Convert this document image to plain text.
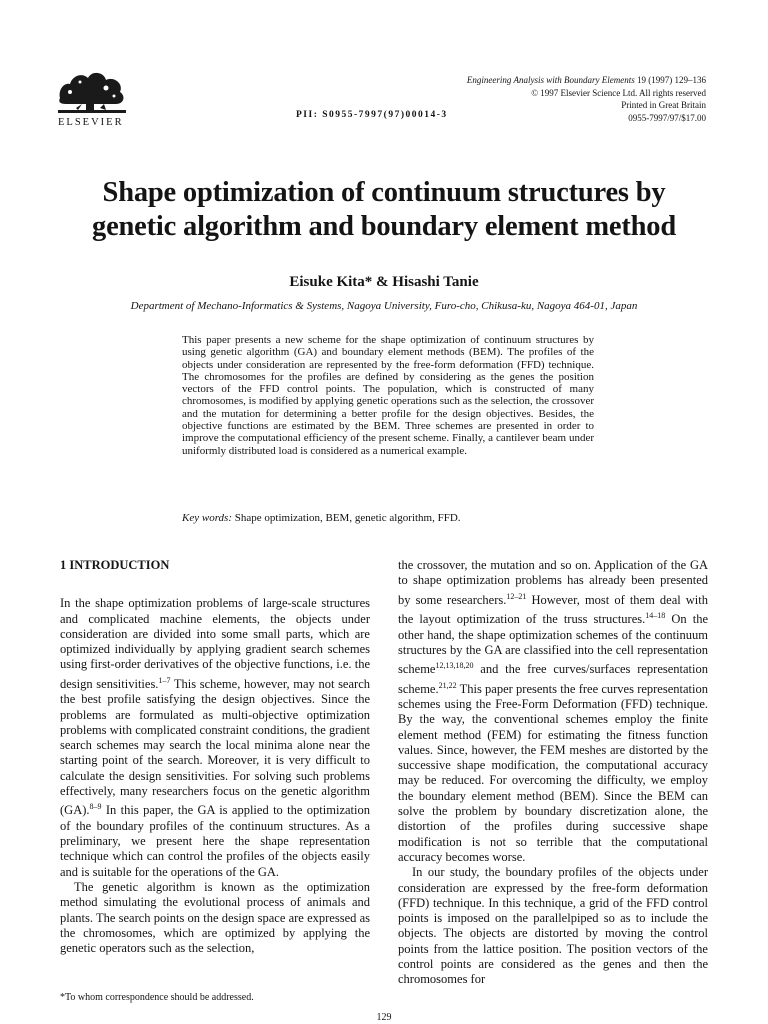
ELSEVIER
PII: S0955-7997(97)00014-3
Engineering Analysis with Boundary Elements 19 (1997) 129–136
© 1997 Elsevier Science Ltd. All rights reserved
Printed in Great Britain
0955-7997/97/$17.00
Shape optimization of continuum structures by
genetic algorithm and boundary element method
Eisuke Kita* & Hisashi Tanie
Department of Mechano-Informatics & Systems, Nagoya University, Furo-cho, Chikusa-ku, Nagoya 464-01, Japan
This paper presents a new scheme for the shape optimization of continuum structures by using genetic algorithm (GA) and boundary element methods (BEM). The profiles of the objects under consideration are represented by the free-form deformation (FFD) technique. The chromosomes for the profiles are defined by considering as the genes the position vectors of the FFD control points. The population, which is constructed of many chromosomes, is modified by applying genetic operations such as the selection, the crossover and the mutation for determining a better profile for the design objectives. Besides, the objective functions are estimated by the BEM. Three schemes are presented in order to improve the computational efficiency of the present scheme. Finally, a cantilever beam under uniformly distributed load is considered as a numerical example.
Key words: Shape optimization, BEM, genetic algorithm, FFD.

1 INTRODUCTION

In the shape optimization problems of large-scale structures and complicated machine elements, the objects under consideration are divided into some small parts, which are optimized individually by applying gradient search schemes using first-order derivatives of the objective functions, i.e. the design sensitivities.$^{1-7}$ This scheme, however, may not search the best profile satisfying the design objectives. Since the problems are formulated as multi-objective optimization problems with complicated constraint conditions, the gradient search schemes may search the local minima alone near the starting point of the search. Moreover, it is very difficult to calculate the design sensitivities. For solving such problems effectively, many researchers focus on the genetic algorithm (GA).$^{8-9}$ In this paper, the GA is applied to the optimization of the boundary profiles of the continuum structures. As a preliminary, we present here the shape representation technique which can control the profiles of the objects easily and is suitable for the operations of the GA.

The genetic algorithm is known as the optimization method simulating the evolutional process of animals and plants. The search points on the design space are expressed as the chromosomes, which are optimized by applying the genetic operators such as the selection,

the crossover, the mutation and so on. Application of the GA to shape optimization problems has already been presented by some researchers.$^{12-21}$ However, most of them deal with the layout optimization of the truss structures.$^{14-18}$ On the other hand, the shape optimization schemes of the continuum structures by the GA are classified into the cell representation scheme$^{12,13,18,20}$ and the free curves/surfaces representation scheme.$^{21,22}$ This paper presents the free curves representation schemes using the Free-Form Deformation (FFD) technique. By the way, the conventional schemes employ the finite element method (FEM) for estimating the fitness function values. Since, however, the FEM meshes are distorted by the successive shape modification, the computational accuracy may be reduced. For overcoming the difficulty, we employ the boundary element method (BEM). Since the BEM can solve the problem by boundary discretization alone, the distortion of the profiles during successive shape modification is not so terrible that the computational accuracy becomes worse.

In our study, the boundary profiles of the objects under consideration are expressed by the free-form deformation (FFD) technique. In this technique, a grid of the FFD control points is imposed on the parallelpiped so as to include the objects. The objects are distorted by moving the control points from the lattice position. The position vectors of the control points are considered as the genes and then the chromosomes for

*To whom correspondence should be addressed.
129
